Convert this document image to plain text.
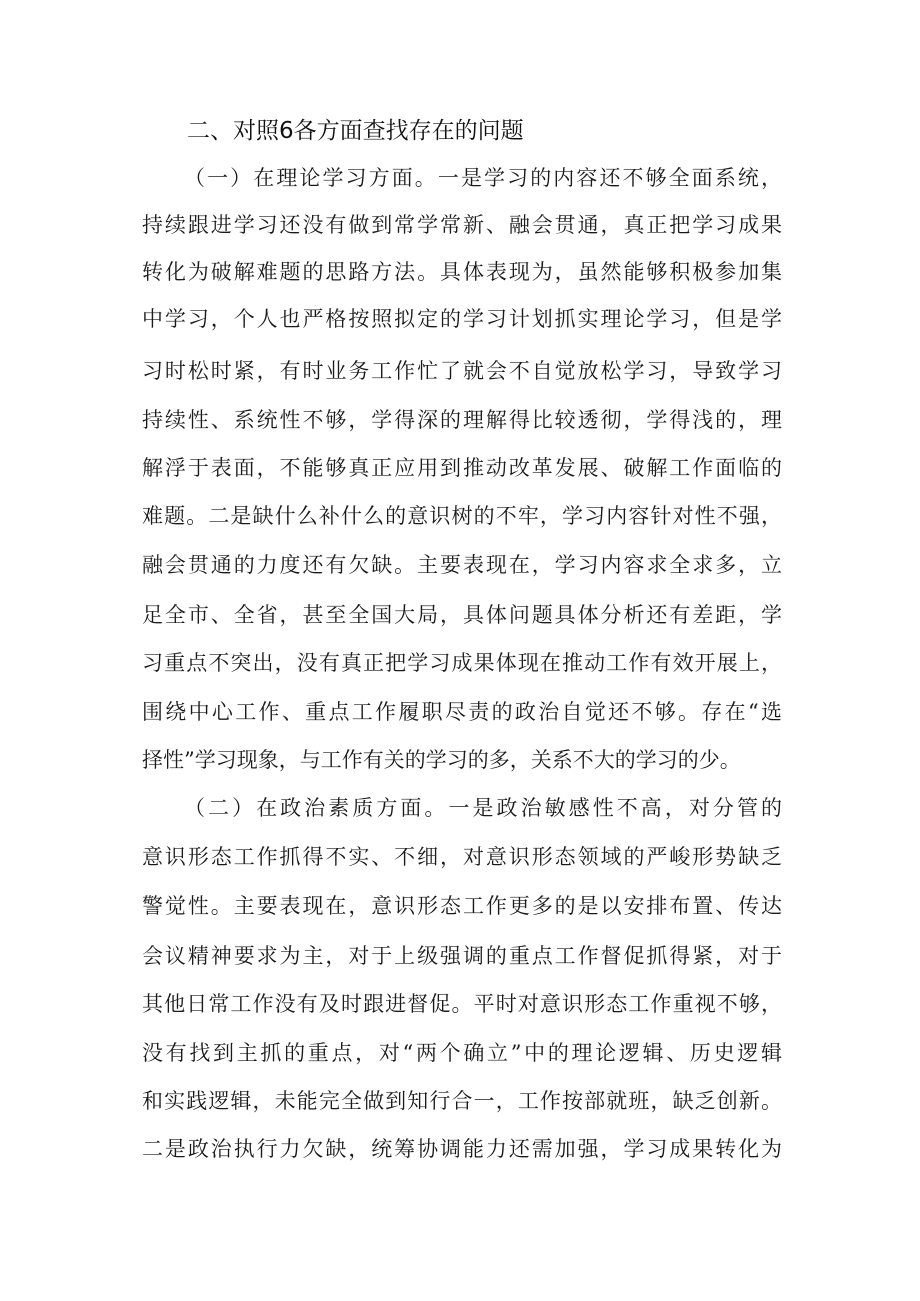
二、对照6各方面查找存在的问题

（一）在理论学习方面。一是学习的内容还不够全面系统，

持续跟进学习还没有做到常学常新、融会贯通，真正把学习成果

转化为破解难题的思路方法。具体表现为，虽然能够积极参加集

中学习，个人也严格按照拟定的学习计划抓实理论学习，但是学

习时松时紧，有时业务工作忙了就会不自觉放松学习，导致学习

持续性、系统性不够，学得深的理解得比较透彻，学得浅的，理

解浮于表面，不能够真正应用到推动改革发展、破解工作面临的

难题。二是缺什么补什么的意识树的不牢，学习内容针对性不强，

融会贯通的力度还有欠缺。主要表现在，学习内容求全求多，立

足全市、全省，甚至全国大局，具体问题具体分析还有差距，学

习重点不突出，没有真正把学习成果体现在推动工作有效开展上，

围绕中心工作、重点工作履职尽责的政治自觉还不够。存在“选

择性”学习现象，与工作有关的学习的多，关系不大的学习的少。

（二）在政治素质方面。一是政治敏感性不高，对分管的

意识形态工作抓得不实、不细，对意识形态领域的严峻形势缺乏

警觉性。主要表现在，意识形态工作更多的是以安排布置、传达

会议精神要求为主，对于上级强调的重点工作督促抓得紧，对于

其他日常工作没有及时跟进督促。平时对意识形态工作重视不够，

没有找到主抓的重点，对“两个确立”中的理论逻辑、历史逻辑

和实践逻辑，未能完全做到知行合一，工作按部就班，缺乏创新。

二是政治执行力欠缺，统筹协调能力还需加强，学习成果转化为
